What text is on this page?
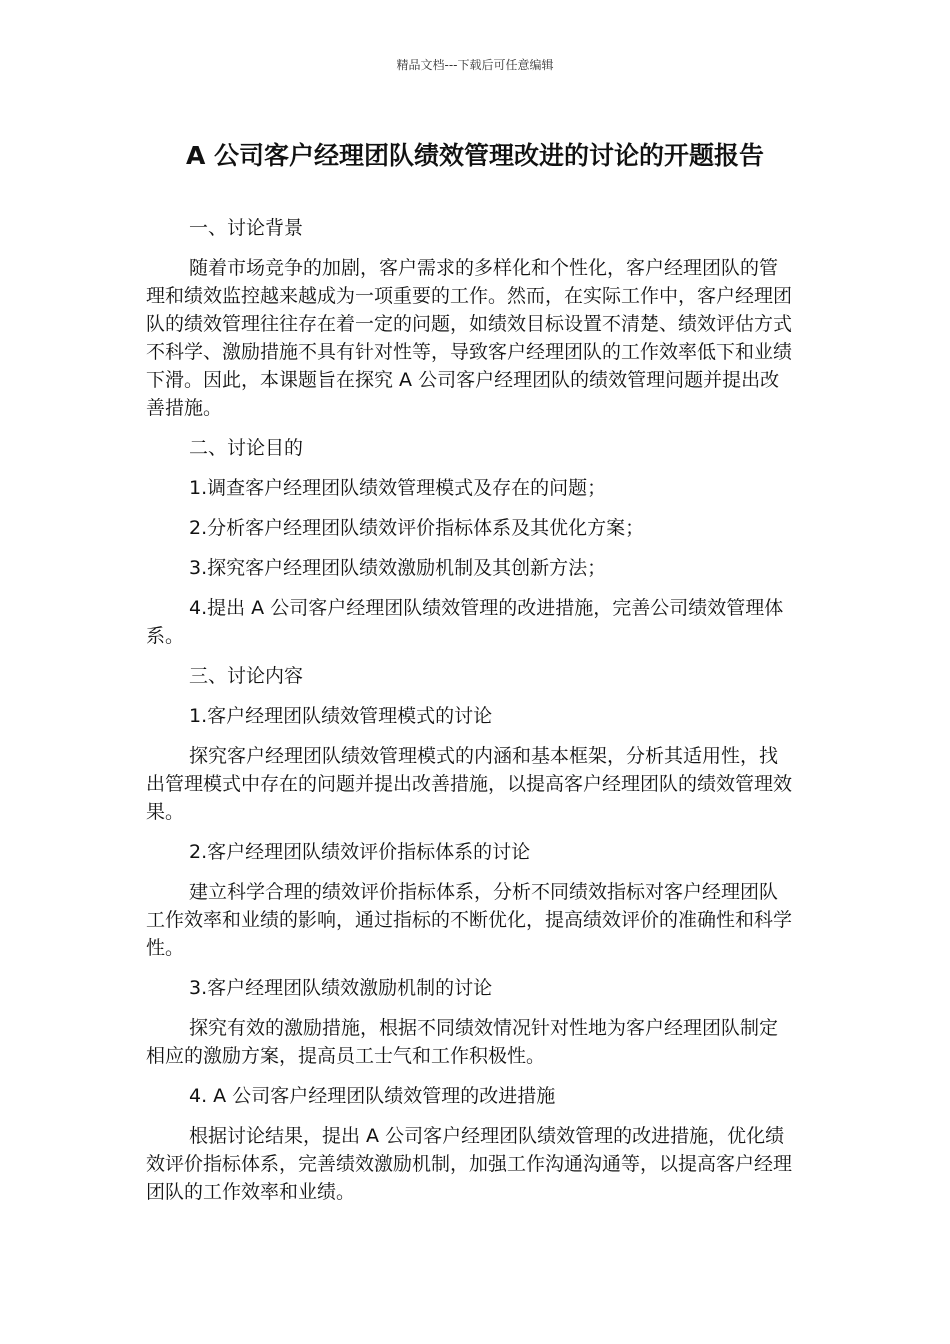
精品文档---下载后可任意编辑
A 公司客户经理团队绩效管理改进的讨论的开题报告

一、讨论背景

随着市场竞争的加剧，客户需求的多样化和个性化，客户经理团队的管理和绩效监控越来越成为一项重要的工作。然而，在实际工作中，客户经理团队的绩效管理往往存在着一定的问题，如绩效目标设置不清楚、绩效评估方式不科学、激励措施不具有针对性等，导致客户经理团队的工作效率低下和业绩下滑。因此，本课题旨在探究 A 公司客户经理团队的绩效管理问题并提出改善措施。

二、讨论目的

1.调查客户经理团队绩效管理模式及存在的问题；

2.分析客户经理团队绩效评价指标体系及其优化方案；

3.探究客户经理团队绩效激励机制及其创新方法；

4.提出 A 公司客户经理团队绩效管理的改进措施，完善公司绩效管理体系。

三、讨论内容

1.客户经理团队绩效管理模式的讨论

探究客户经理团队绩效管理模式的内涵和基本框架，分析其适用性，找出管理模式中存在的问题并提出改善措施，以提高客户经理团队的绩效管理效果。

2.客户经理团队绩效评价指标体系的讨论

建立科学合理的绩效评价指标体系，分析不同绩效指标对客户经理团队工作效率和业绩的影响，通过指标的不断优化，提高绩效评价的准确性和科学性。

3.客户经理团队绩效激励机制的讨论

探究有效的激励措施，根据不同绩效情况针对性地为客户经理团队制定相应的激励方案，提高员工士气和工作积极性。

4. A 公司客户经理团队绩效管理的改进措施

根据讨论结果，提出 A 公司客户经理团队绩效管理的改进措施，优化绩效评价指标体系，完善绩效激励机制，加强工作沟通沟通等，以提高客户经理团队的工作效率和业绩。
